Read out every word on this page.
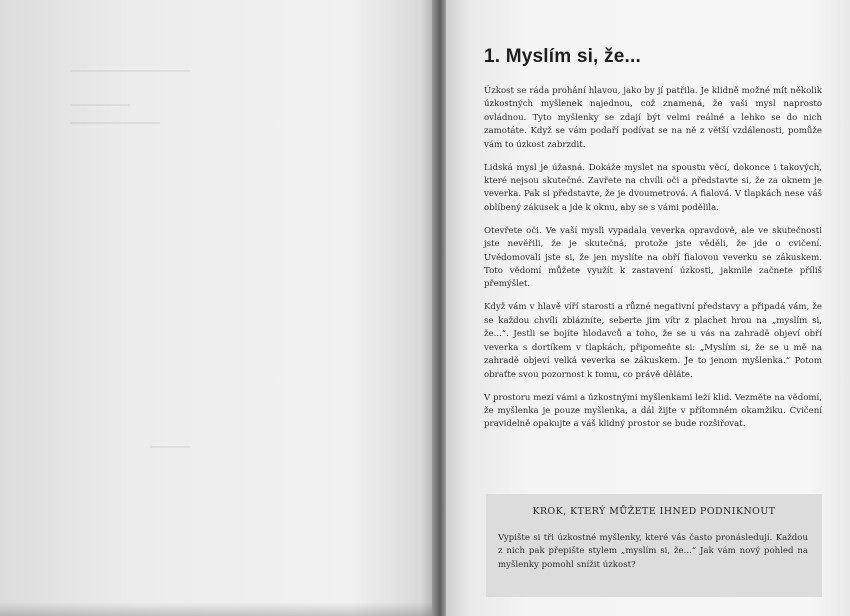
1. Myslím si, že...

Úzkost se ráda prohání hlavou, jako by jí patřila. Je klidně možné mít několik úzkostných myšlenek najednou, což znamená, že vaši mysl naprosto ovládnou. Tyto myšlenky se zdají být velmi reálné a lehko se do nich zamotáte. Když se vám podaří podívat se na ně z větší vzdálenosti, pomůže vám to úzkost zabrzdit.

Lidská mysl je úžasná. Dokáže myslet na spoustu věcí, dokonce i takových, které nejsou skutečné. Zavřete na chvíli oči a představte si, že za oknem je veverka. Pak si představte, že je dvoumetrová. A fialová. V tlapkách nese váš oblíbený zákusek a jde k oknu, aby se s vámi podělila.

Otevřete oči. Ve vaší mysli vypadala veverka opravdově, ale ve skutečnosti jste nevěřili, že je skutečná, protože jste věděli, že jde o cvičení. Uvědomovali jste si, že jen myslíte na obří fialovou veverku se zákuskem. Toto vědomí můžete využít k zastavení úzkosti, jakmile začnete příliš přemýšlet.

Když vám v hlavě víří starosti a různé negativní představy a připadá vám, že se každou chvíli zblázníte, seberte jim vítr z plachet hrou na „myslím si, že...“. Jestli se bojíte hlodavců a toho, že se u vás na zahradě objeví obří veverka s dortíkem v tlapkách, připomeňte si: „Myslím si, že se u mě na zahradě objeví velká veverka se zákuskem. Je to jenom myšlenka.“ Potom obraťte svou pozornost k tomu, co právě děláte.

V prostoru mezi vámi a úzkostnými myšlenkami leží klid. Vezměte na vědomí, že myšlenka je pouze myšlenka, a dál žijte v přítomném okamžiku. Cvičení pravidelně opakujte a váš klidný prostor se bude rozšiřovat.

KROK, KTERÝ MŮŽETE IHNED PODNIKNOUT
Vypište si tři úzkostné myšlenky, které vás často pronásledují. Každou z nich pak přepište stylem „myslím si, že...“ Jak vám nový pohled na myšlenky pomohl snížit úzkost?
